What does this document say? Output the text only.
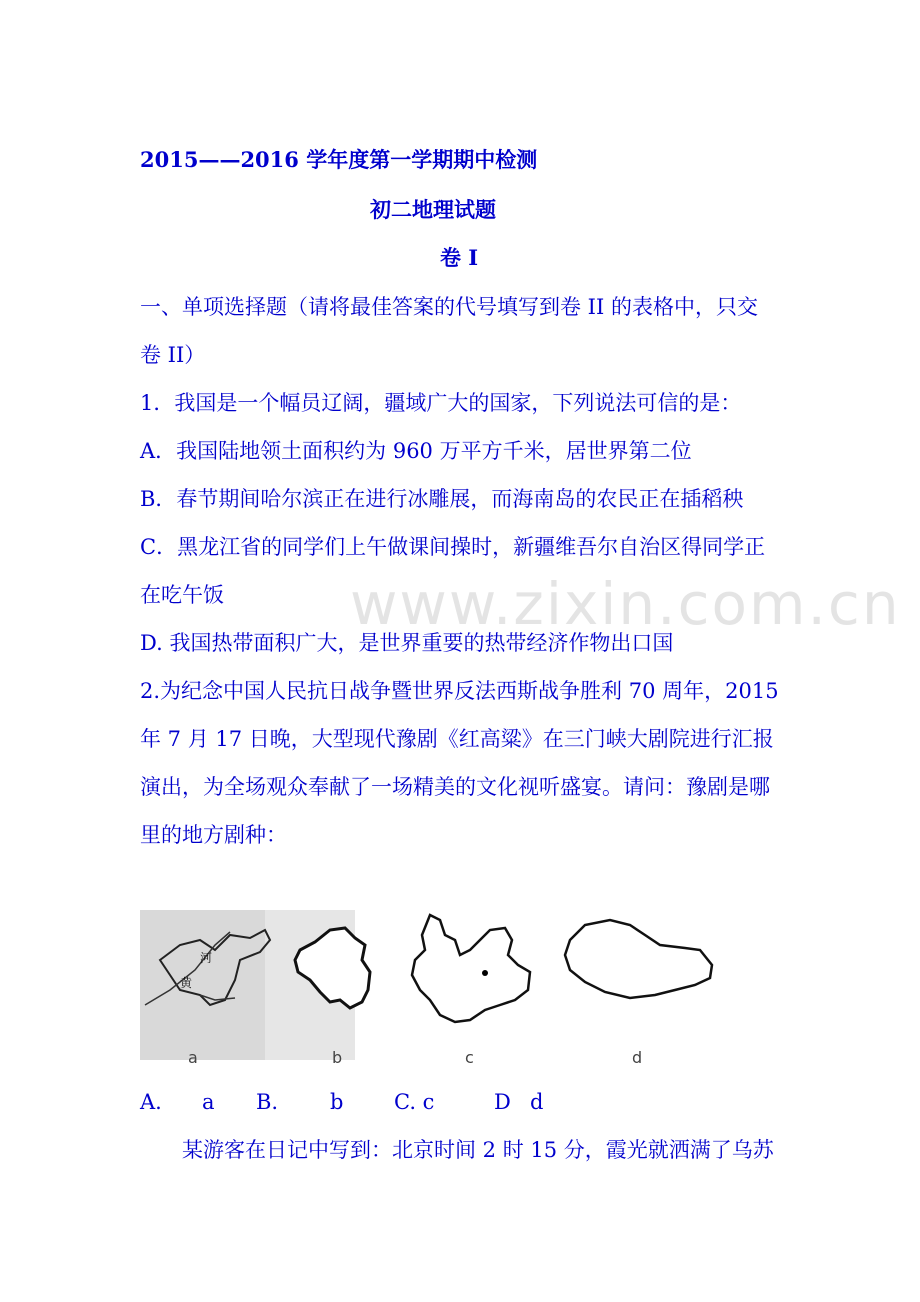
www.zixin.com.cn
2015——2016 学年度第一学期期中检测
初二地理试题
卷 I
一、单项选择题（请将最佳答案的代号填写到卷 II 的表格中，只交
卷 II）
1．我国是一个幅员辽阔，疆域广大的国家，下列说法可信的是：
A．我国陆地领土面积约为 960 万平方千米，居世界第二位
B．春节期间哈尔滨正在进行冰雕展，而海南岛的农民正在插稻秧
C．黑龙江省的同学们上午做课间操时，新疆维吾尔自治区得同学正
在吃午饭
D. 我国热带面积广大，是世界重要的热带经济作物出口国
2.为纪念中国人民抗日战争暨世界反法西斯战争胜利 70 周年，2015
年 7 月 17 日晚，大型现代豫剧《红高粱》在三门峡大剧院进行汇报
演出，为全场观众奉献了一场精美的文化视听盛宴。请问：豫剧是哪
里的地方剧种：
河
黄
a	b	c	d
A. a B. b C. c	D d
某游客在日记中写到：北京时间 2 时 15 分，霞光就洒满了乌苏
